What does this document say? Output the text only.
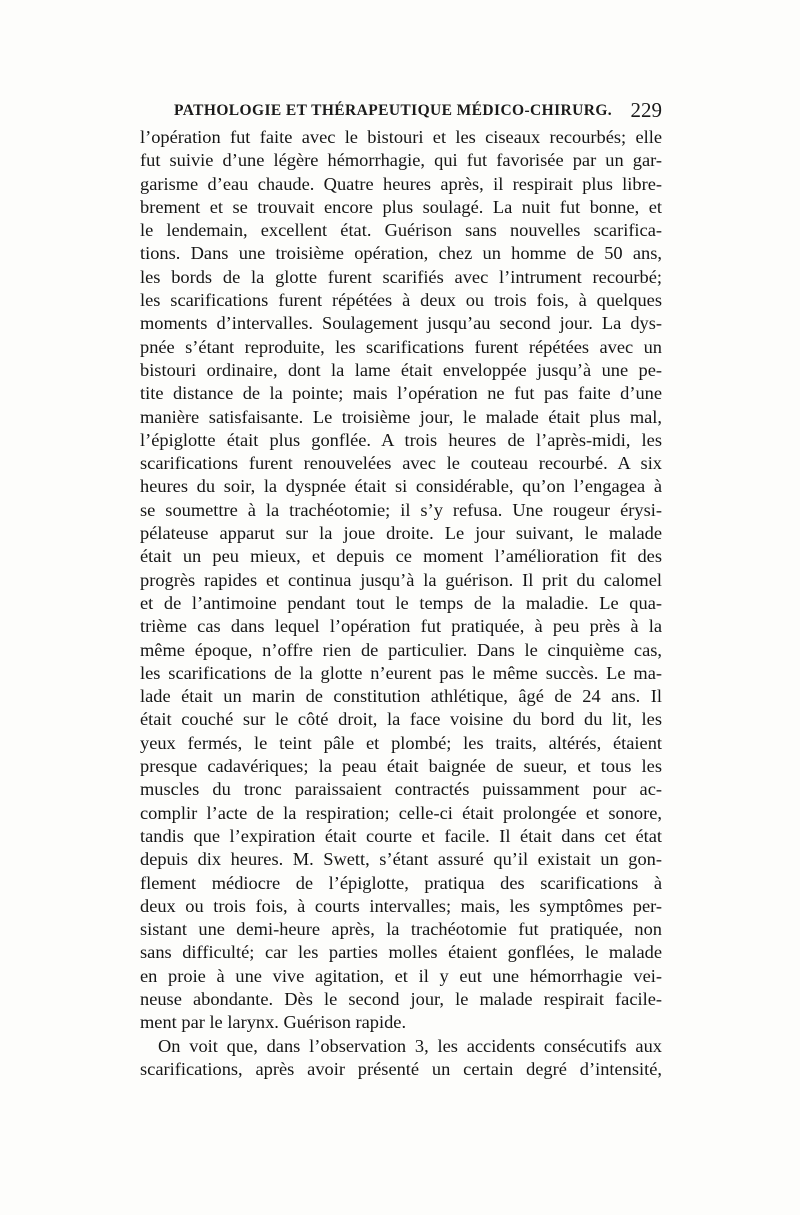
PATHOLOGIE ET THÉRAPEUTIQUE MÉDICO-CHIRURG. 229
l’opération fut faite avec le bistouri et les ciseaux recourbés; elle
fut suivie d’une légère hémorrhagie, qui fut favorisée par un gar-
garisme d’eau chaude. Quatre heures après, il respirait plus libre-
brement et se trouvait encore plus soulagé. La nuit fut bonne, et
le lendemain, excellent état. Guérison sans nouvelles scarifica-
tions. Dans une troisième opération, chez un homme de 50 ans,
les bords de la glotte furent scarifiés avec l’intrument recourbé;
les scarifications furent répétées à deux ou trois fois, à quelques
moments d’intervalles. Soulagement jusqu’au second jour. La dys-
pnée s’étant reproduite, les scarifications furent répétées avec un
bistouri ordinaire, dont la lame était enveloppée jusqu’à une pe-
tite distance de la pointe; mais l’opération ne fut pas faite d’une
manière satisfaisante. Le troisième jour, le malade était plus mal,
l’épiglotte était plus gonflée. A trois heures de l’après-midi, les
scarifications furent renouvelées avec le couteau recourbé. A six
heures du soir, la dyspnée était si considérable, qu’on l’engagea à
se soumettre à la trachéotomie; il s’y refusa. Une rougeur érysi-
pélateuse apparut sur la joue droite. Le jour suivant, le malade
était un peu mieux, et depuis ce moment l’amélioration fit des
progrès rapides et continua jusqu’à la guérison. Il prit du calomel
et de l’antimoine pendant tout le temps de la maladie. Le qua-
trième cas dans lequel l’opération fut pratiquée, à peu près à la
même époque, n’offre rien de particulier. Dans le cinquième cas,
les scarifications de la glotte n’eurent pas le même succès. Le ma-
lade était un marin de constitution athlétique, âgé de 24 ans. Il
était couché sur le côté droit, la face voisine du bord du lit, les
yeux fermés, le teint pâle et plombé; les traits, altérés, étaient
presque cadavériques; la peau était baignée de sueur, et tous les
muscles du tronc paraissaient contractés puissamment pour ac-
complir l’acte de la respiration; celle-ci était prolongée et sonore,
tandis que l’expiration était courte et facile. Il était dans cet état
depuis dix heures. M. Swett, s’étant assuré qu’il existait un gon-
flement médiocre de l’épiglotte, pratiqua des scarifications à
deux ou trois fois, à courts intervalles; mais, les symptômes per-
sistant une demi-heure après, la trachéotomie fut pratiquée, non
sans difficulté; car les parties molles étaient gonflées, le malade
en proie à une vive agitation, et il y eut une hémorrhagie vei-
neuse abondante. Dès le second jour, le malade respirait facile-
ment par le larynx. Guérison rapide.
On voit que, dans l’observation 3, les accidents consécutifs aux
scarifications, après avoir présenté un certain degré d’intensité,
